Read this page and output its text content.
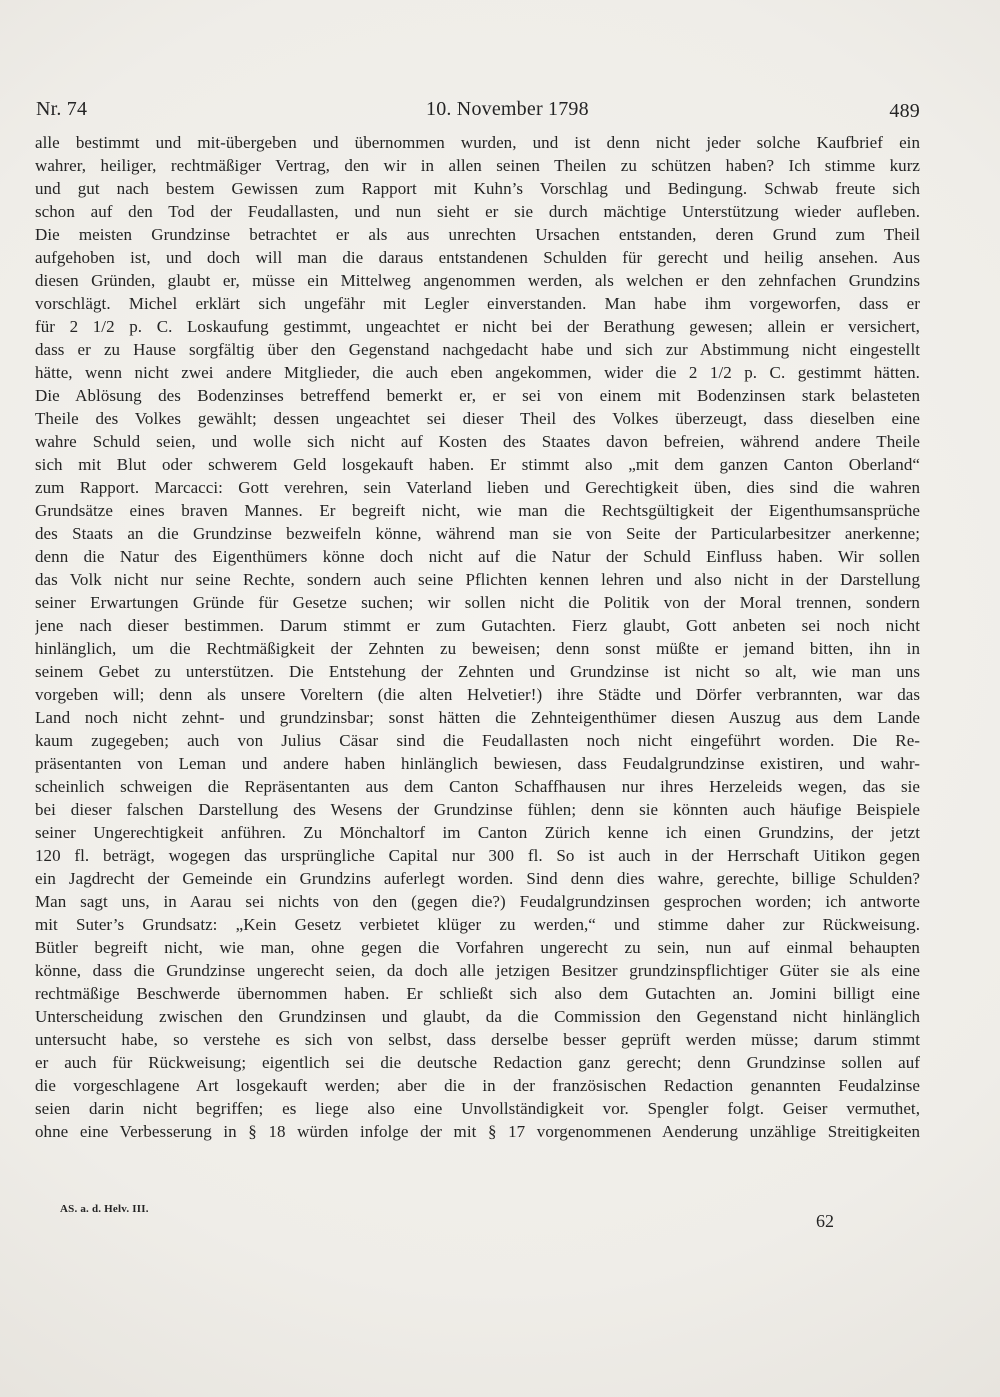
Nr. 74	10. November 1798	489
alle bestimmt und mit-übergeben und übernommen wurden, und ist denn nicht jeder solche Kaufbrief ein
wahrer, heiliger, rechtmäßiger Vertrag, den wir in allen seinen Theilen zu schützen haben? Ich stimme kurz
und gut nach bestem Gewissen zum Rapport mit Kuhn’s Vorschlag und Bedingung. Schwab freute sich
schon auf den Tod der Feudallasten, und nun sieht er sie durch mächtige Unterstützung wieder aufleben.
Die meisten Grundzinse betrachtet er als aus unrechten Ursachen entstanden, deren Grund zum Theil
aufgehoben ist, und doch will man die daraus entstandenen Schulden für gerecht und heilig ansehen. Aus
diesen Gründen, glaubt er, müsse ein Mittelweg angenommen werden, als welchen er den zehnfachen Grundzins
vorschlägt. Michel erklärt sich ungefähr mit Legler einverstanden. Man habe ihm vorgeworfen, dass er
für 2 1/2 p. C. Loskaufung gestimmt, ungeachtet er nicht bei der Berathung gewesen; allein er versichert,
dass er zu Hause sorgfältig über den Gegenstand nachgedacht habe und sich zur Abstimmung nicht eingestellt
hätte, wenn nicht zwei andere Mitglieder, die auch eben angekommen, wider die 2 1/2 p. C. gestimmt hätten.
Die Ablösung des Bodenzinses betreffend bemerkt er, er sei von einem mit Bodenzinsen stark belasteten
Theile des Volkes gewählt; dessen ungeachtet sei dieser Theil des Volkes überzeugt, dass dieselben eine
wahre Schuld seien, und wolle sich nicht auf Kosten des Staates davon befreien, während andere Theile
sich mit Blut oder schwerem Geld losgekauft haben. Er stimmt also „mit dem ganzen Canton Oberland“
zum Rapport. Marcacci: Gott verehren, sein Vaterland lieben und Gerechtigkeit üben, dies sind die wahren
Grundsätze eines braven Mannes. Er begreift nicht, wie man die Rechtsgültigkeit der Eigenthumsansprüche
des Staats an die Grundzinse bezweifeln könne, während man sie von Seite der Particularbesitzer anerkenne;
denn die Natur des Eigenthümers könne doch nicht auf die Natur der Schuld Einfluss haben. Wir sollen
das Volk nicht nur seine Rechte, sondern auch seine Pflichten kennen lehren und also nicht in der Darstellung
seiner Erwartungen Gründe für Gesetze suchen; wir sollen nicht die Politik von der Moral trennen, sondern
jene nach dieser bestimmen. Darum stimmt er zum Gutachten. Fierz glaubt, Gott anbeten sei noch nicht
hinlänglich, um die Rechtmäßigkeit der Zehnten zu beweisen; denn sonst müßte er jemand bitten, ihn in
seinem Gebet zu unterstützen. Die Entstehung der Zehnten und Grundzinse ist nicht so alt, wie man uns
vorgeben will; denn als unsere Voreltern (die alten Helvetier!) ihre Städte und Dörfer verbrannten, war das
Land noch nicht zehnt- und grundzinsbar; sonst hätten die Zehnteigenthümer diesen Auszug aus dem Lande
kaum zugegeben; auch von Julius Cäsar sind die Feudallasten noch nicht eingeführt worden. Die Re-
präsentanten von Leman und andere haben hinlänglich bewiesen, dass Feudalgrundzinse existiren, und wahr-
scheinlich schweigen die Repräsentanten aus dem Canton Schaffhausen nur ihres Herzeleids wegen, das sie
bei dieser falschen Darstellung des Wesens der Grundzinse fühlen; denn sie könnten auch häufige Beispiele
seiner Ungerechtigkeit anführen. Zu Mönchaltorf im Canton Zürich kenne ich einen Grundzins, der jetzt
120 fl. beträgt, wogegen das ursprüngliche Capital nur 300 fl. So ist auch in der Herrschaft Uitikon gegen
ein Jagdrecht der Gemeinde ein Grundzins auferlegt worden. Sind denn dies wahre, gerechte, billige Schulden?
Man sagt uns, in Aarau sei nichts von den (gegen die?) Feudalgrundzinsen gesprochen worden; ich antworte
mit Suter’s Grundsatz: „Kein Gesetz verbietet klüger zu werden,“ und stimme daher zur Rückweisung.
Bütler begreift nicht, wie man, ohne gegen die Vorfahren ungerecht zu sein, nun auf einmal behaupten
könne, dass die Grundzinse ungerecht seien, da doch alle jetzigen Besitzer grundzinspflichtiger Güter sie als eine
rechtmäßige Beschwerde übernommen haben. Er schließt sich also dem Gutachten an. Jomini billigt eine
Unterscheidung zwischen den Grundzinsen und glaubt, da die Commission den Gegenstand nicht hinlänglich
untersucht habe, so verstehe es sich von selbst, dass derselbe besser geprüft werden müsse; darum stimmt
er auch für Rückweisung; eigentlich sei die deutsche Redaction ganz gerecht; denn Grundzinse sollen auf
die vorgeschlagene Art losgekauft werden; aber die in der französischen Redaction genannten Feudalzinse
seien darin nicht begriffen; es liege also eine Unvollständigkeit vor. Spengler folgt. Geiser vermuthet,
ohne eine Verbesserung in § 18 würden infolge der mit § 17 vorgenommenen Aenderung unzählige Streitigkeiten
AS. a. d. Helv. III.
62
